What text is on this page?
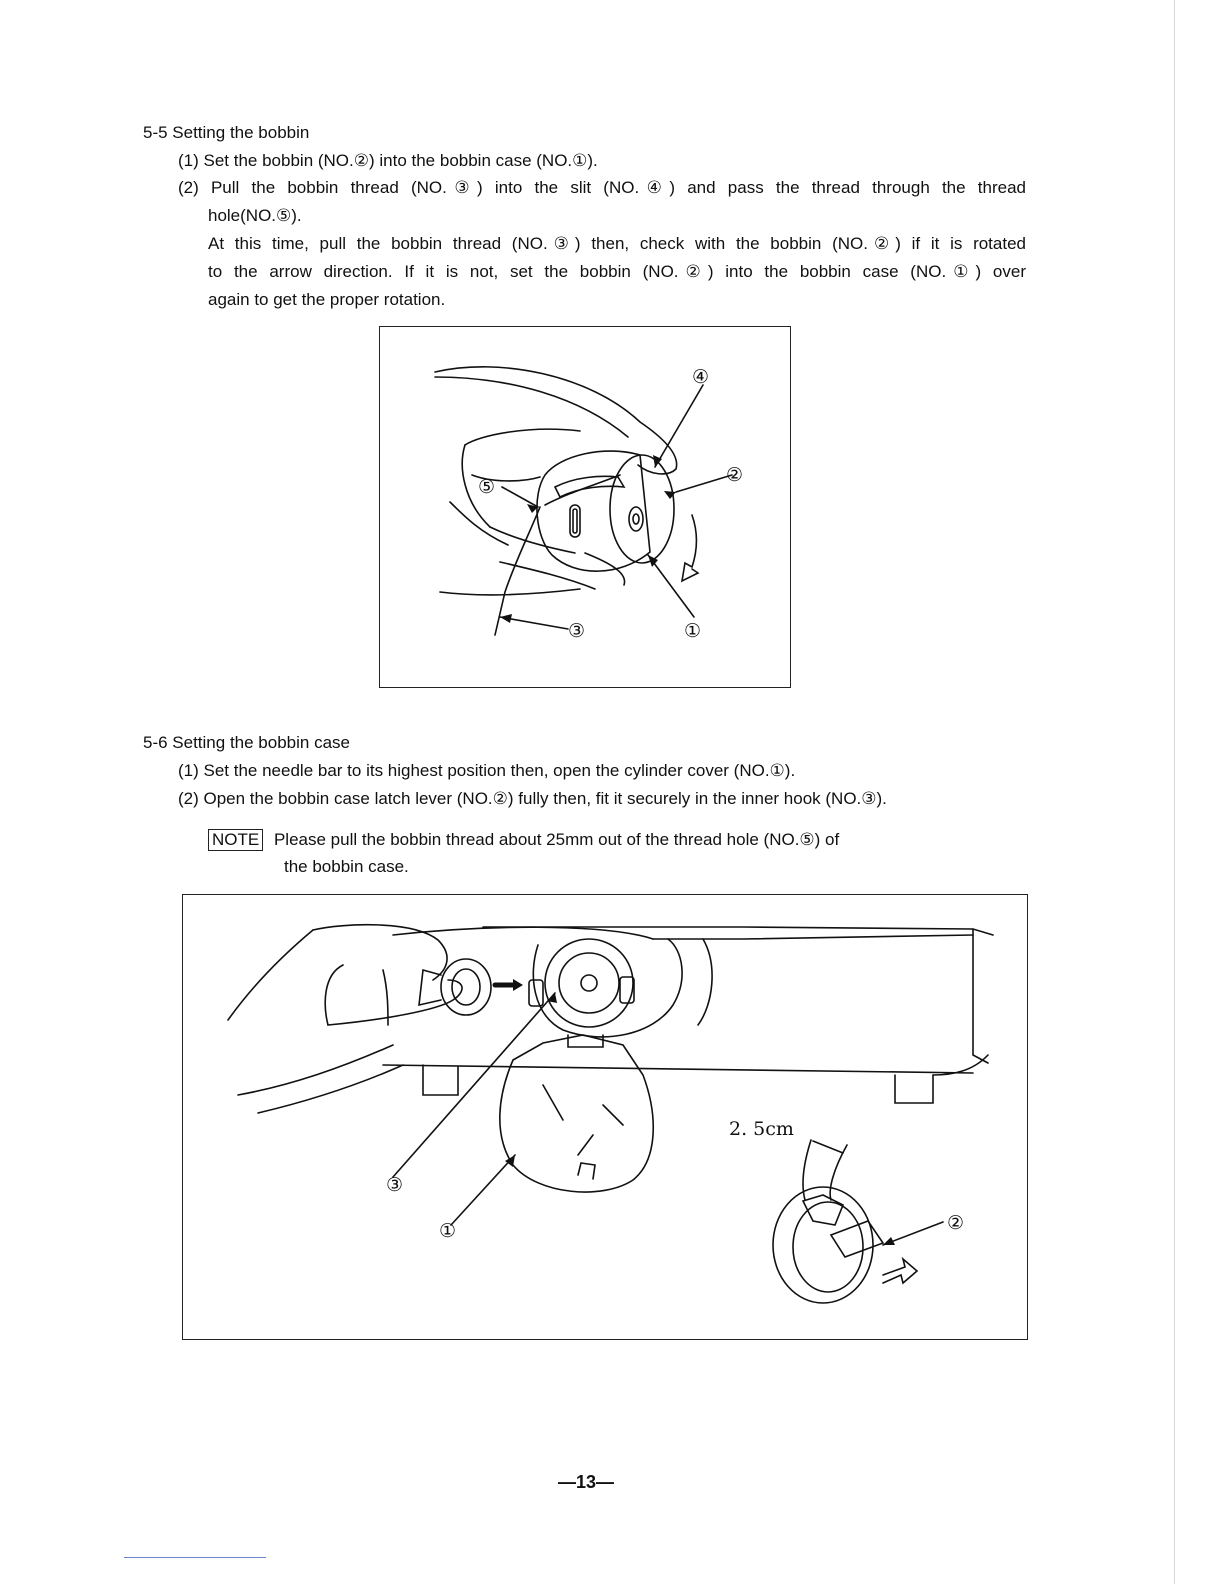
5-5 Setting the bobbin
(1) Set the bobbin (NO.②) into the bobbin case (NO.①).
(2) Pull the bobbin thread (NO.③) into the slit (NO.④) and pass the thread through the thread
hole(NO.⑤).
At this time, pull the bobbin thread (NO.③) then, check with the bobbin (NO.②) if it is rotated
to the arrow direction. If it is not, set the bobbin (NO.②) into the bobbin case (NO.①) over
again to get the proper rotation.
④
②
⑤
③	①
5-6 Setting the bobbin case
(1) Set the needle bar to its highest position then, open the cylinder cover (NO.①).
(2) Open the bobbin case latch lever (NO.②) fully then, fit it securely in the inner hook (NO.③).
NOTE Please pull the bobbin thread about 25mm out of the thread hole (NO.⑤) of
the bobbin case.
2. 5cm
③
①	②
—13—
